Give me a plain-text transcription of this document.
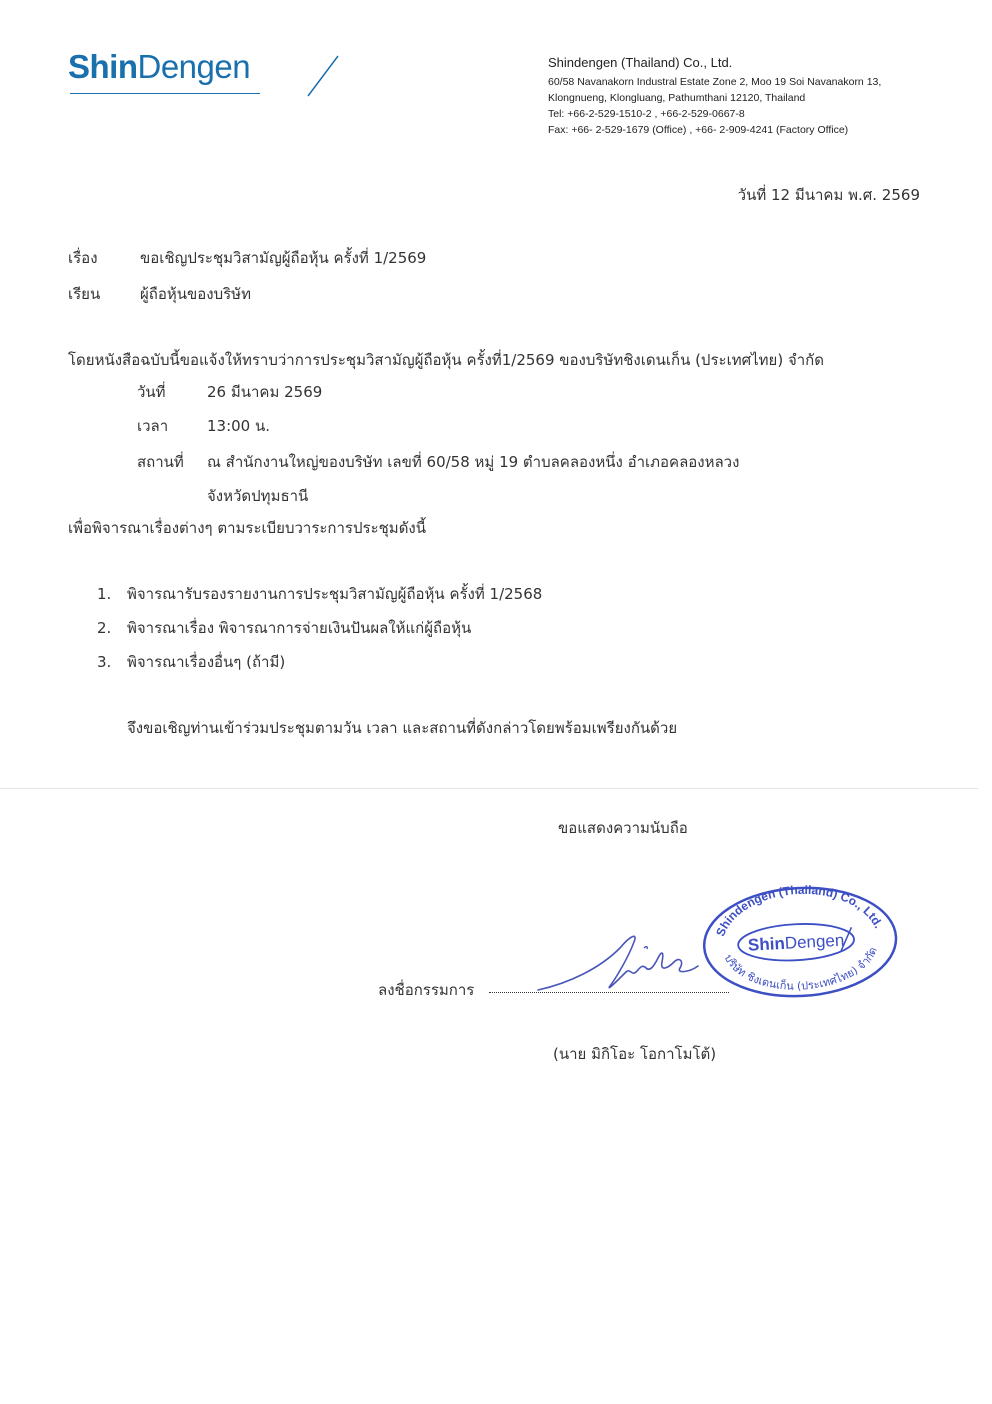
ShinDengen	Shindengen (Thailand) Co., Ltd.
60/58 Navanakorn Industral Estate Zone 2, Moo 19 Soi Navanakorn 13,
Klongnueng, Klongluang, Pathumthani 12120, Thailand
Tel: +66-2-529-1510-2 , +66-2-529-0667-8
Fax: +66- 2-529-1679 (Office) , +66- 2-909-4241 (Factory Office)
วันที่ 12 มีนาคม พ.ศ. 2569
เรื่อง	ขอเชิญประชุมวิสามัญผู้ถือหุ้น ครั้งที่ 1/2569
เรียน	ผู้ถือหุ้นของบริษัท
โดยหนังสือฉบับนี้ขอแจ้งให้ทราบว่าการประชุมวิสามัญผู้ถือหุ้น ครั้งที่1/2569 ของบริษัทชิงเดนเก็น (ประเทศไทย) จำกัด
วันที่	26 มีนาคม 2569
เวลา	13:00 น.
สถานที่ ณ สำนักงานใหญ่ของบริษัท เลขที่ 60/58 หมู่ 19 ตำบลคลองหนึ่ง อำเภอคลองหลวง
จังหวัดปทุมธานี
เพื่อพิจารณาเรื่องต่างๆ ตามระเบียบวาระการประชุมดังนี้
1. พิจารณารับรองรายงานการประชุมวิสามัญผู้ถือหุ้น ครั้งที่ 1/2568
2. พิจารณาเรื่อง พิจารณาการจ่ายเงินปันผลให้แก่ผู้ถือหุ้น
3. พิจารณาเรื่องอื่นๆ (ถ้ามี)
จึงขอเชิญท่านเข้าร่วมประชุมตามวัน เวลา และสถานที่ดังกล่าวโดยพร้อมเพรียงกันด้วย
ขอแสดงความนับถือ
ลงชื่อกรรมการ
(นาย มิกิโอะ โอกาโมโต้)
Shindengen (Thailand) Co., Ltd.
บริษัท ชิงเดนเก็น (ประเทศไทย) จำกัด
ShinDengen
